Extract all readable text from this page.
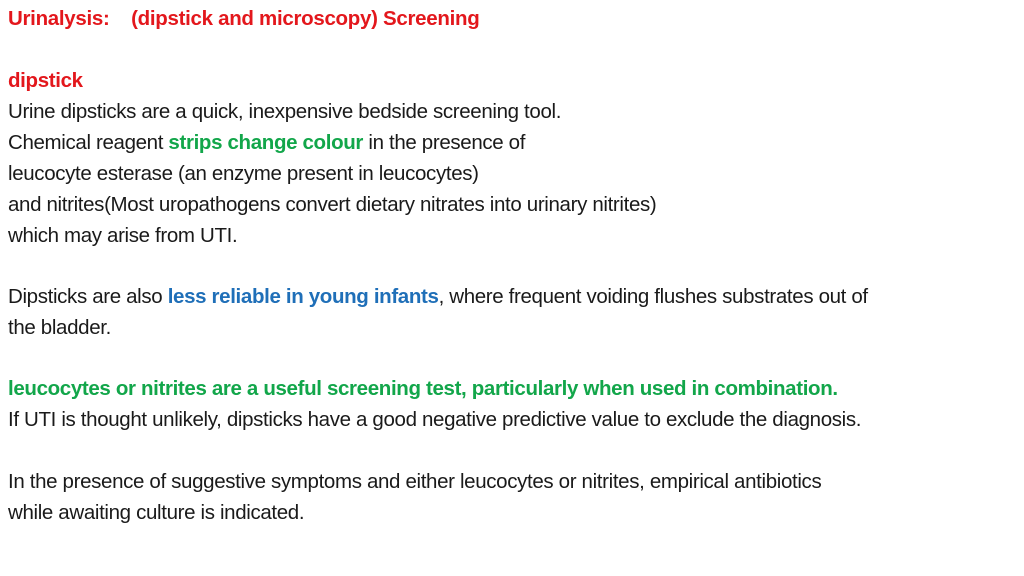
Urinalysis:    (dipstick and microscopy) Screening
dipstick
Urine dipsticks are a quick, inexpensive bedside screening tool.
Chemical reagent strips change colour in the presence of
leucocyte esterase (an enzyme present in leucocytes)
and nitrites(Most uropathogens convert dietary nitrates into urinary nitrites)
which may arise from UTI.
Dipsticks are also less reliable in young infants, where frequent voiding flushes substrates out of
the bladder.
leucocytes or nitrites are a useful screening test, particularly when used in combination.
If UTI is thought unlikely, dipsticks have a good negative predictive value to exclude the diagnosis.
In the presence of suggestive symptoms and either leucocytes or nitrites, empirical antibiotics
while awaiting culture is indicated.
